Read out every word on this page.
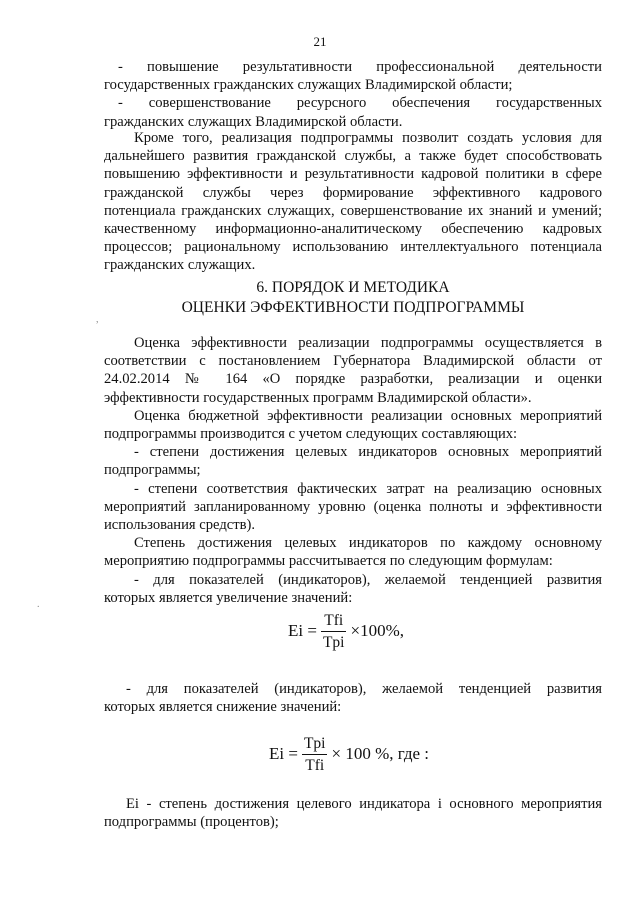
21
- повышение результативности профессиональной деятельности
государственных гражданских служащих Владимирской области;
- совершенствование ресурсного обеспечения государственных
гражданских служащих Владимирской области.
Кроме того, реализация подпрограммы позволит создать условия для
дальнейшего развития гражданской службы, а также будет способствовать
повышению эффективности и результативности кадровой политики в сфере
гражданской службы через формирование эффективного кадрового
потенциала гражданских служащих, совершенствование их знаний и умений;
качественному информационно-аналитическому обеспечению кадровых
процессов; рациональному использованию интеллектуального потенциала
гражданских служащих.
6. ПОРЯДОК И МЕТОДИКА
ОЦЕНКИ ЭФФЕКТИВНОСТИ ПОДПРОГРАММЫ
,
Оценка эффективности реализации подпрограммы осуществляется в
соответствии с постановлением Губернатора Владимирской области от
24.02.2014 № 164 «О порядке разработки, реализации и оценки
эффективности государственных программ Владимирской области».
Оценка бюджетной эффективности реализации основных мероприятий
подпрограммы производится с учетом следующих составляющих:
- степени достижения целевых индикаторов основных мероприятий
подпрограммы;
- степени соответствия фактических затрат на реализацию основных
мероприятий запланированному уровню (оценка полноты и эффективности
использования средств).
Степень достижения целевых индикаторов по каждому основному
мероприятию подпрограммы рассчитывается по следующим формулам:
- для показателей (индикаторов), желаемой тенденцией развития
которых является увеличение значений:
.
$Ei = \frac{\text{Tfi}}{\text{Tpi}} \times 100\%$,
- для показателей (индикаторов), желаемой тенденцией развития
которых является снижение значений:
$Ei = \frac{\text{Tpi}}{\text{Tfi}} \times 100$ %, где :
Ei - степень достижения целевого индикатора i основного мероприятия
подпрограммы (процентов);
